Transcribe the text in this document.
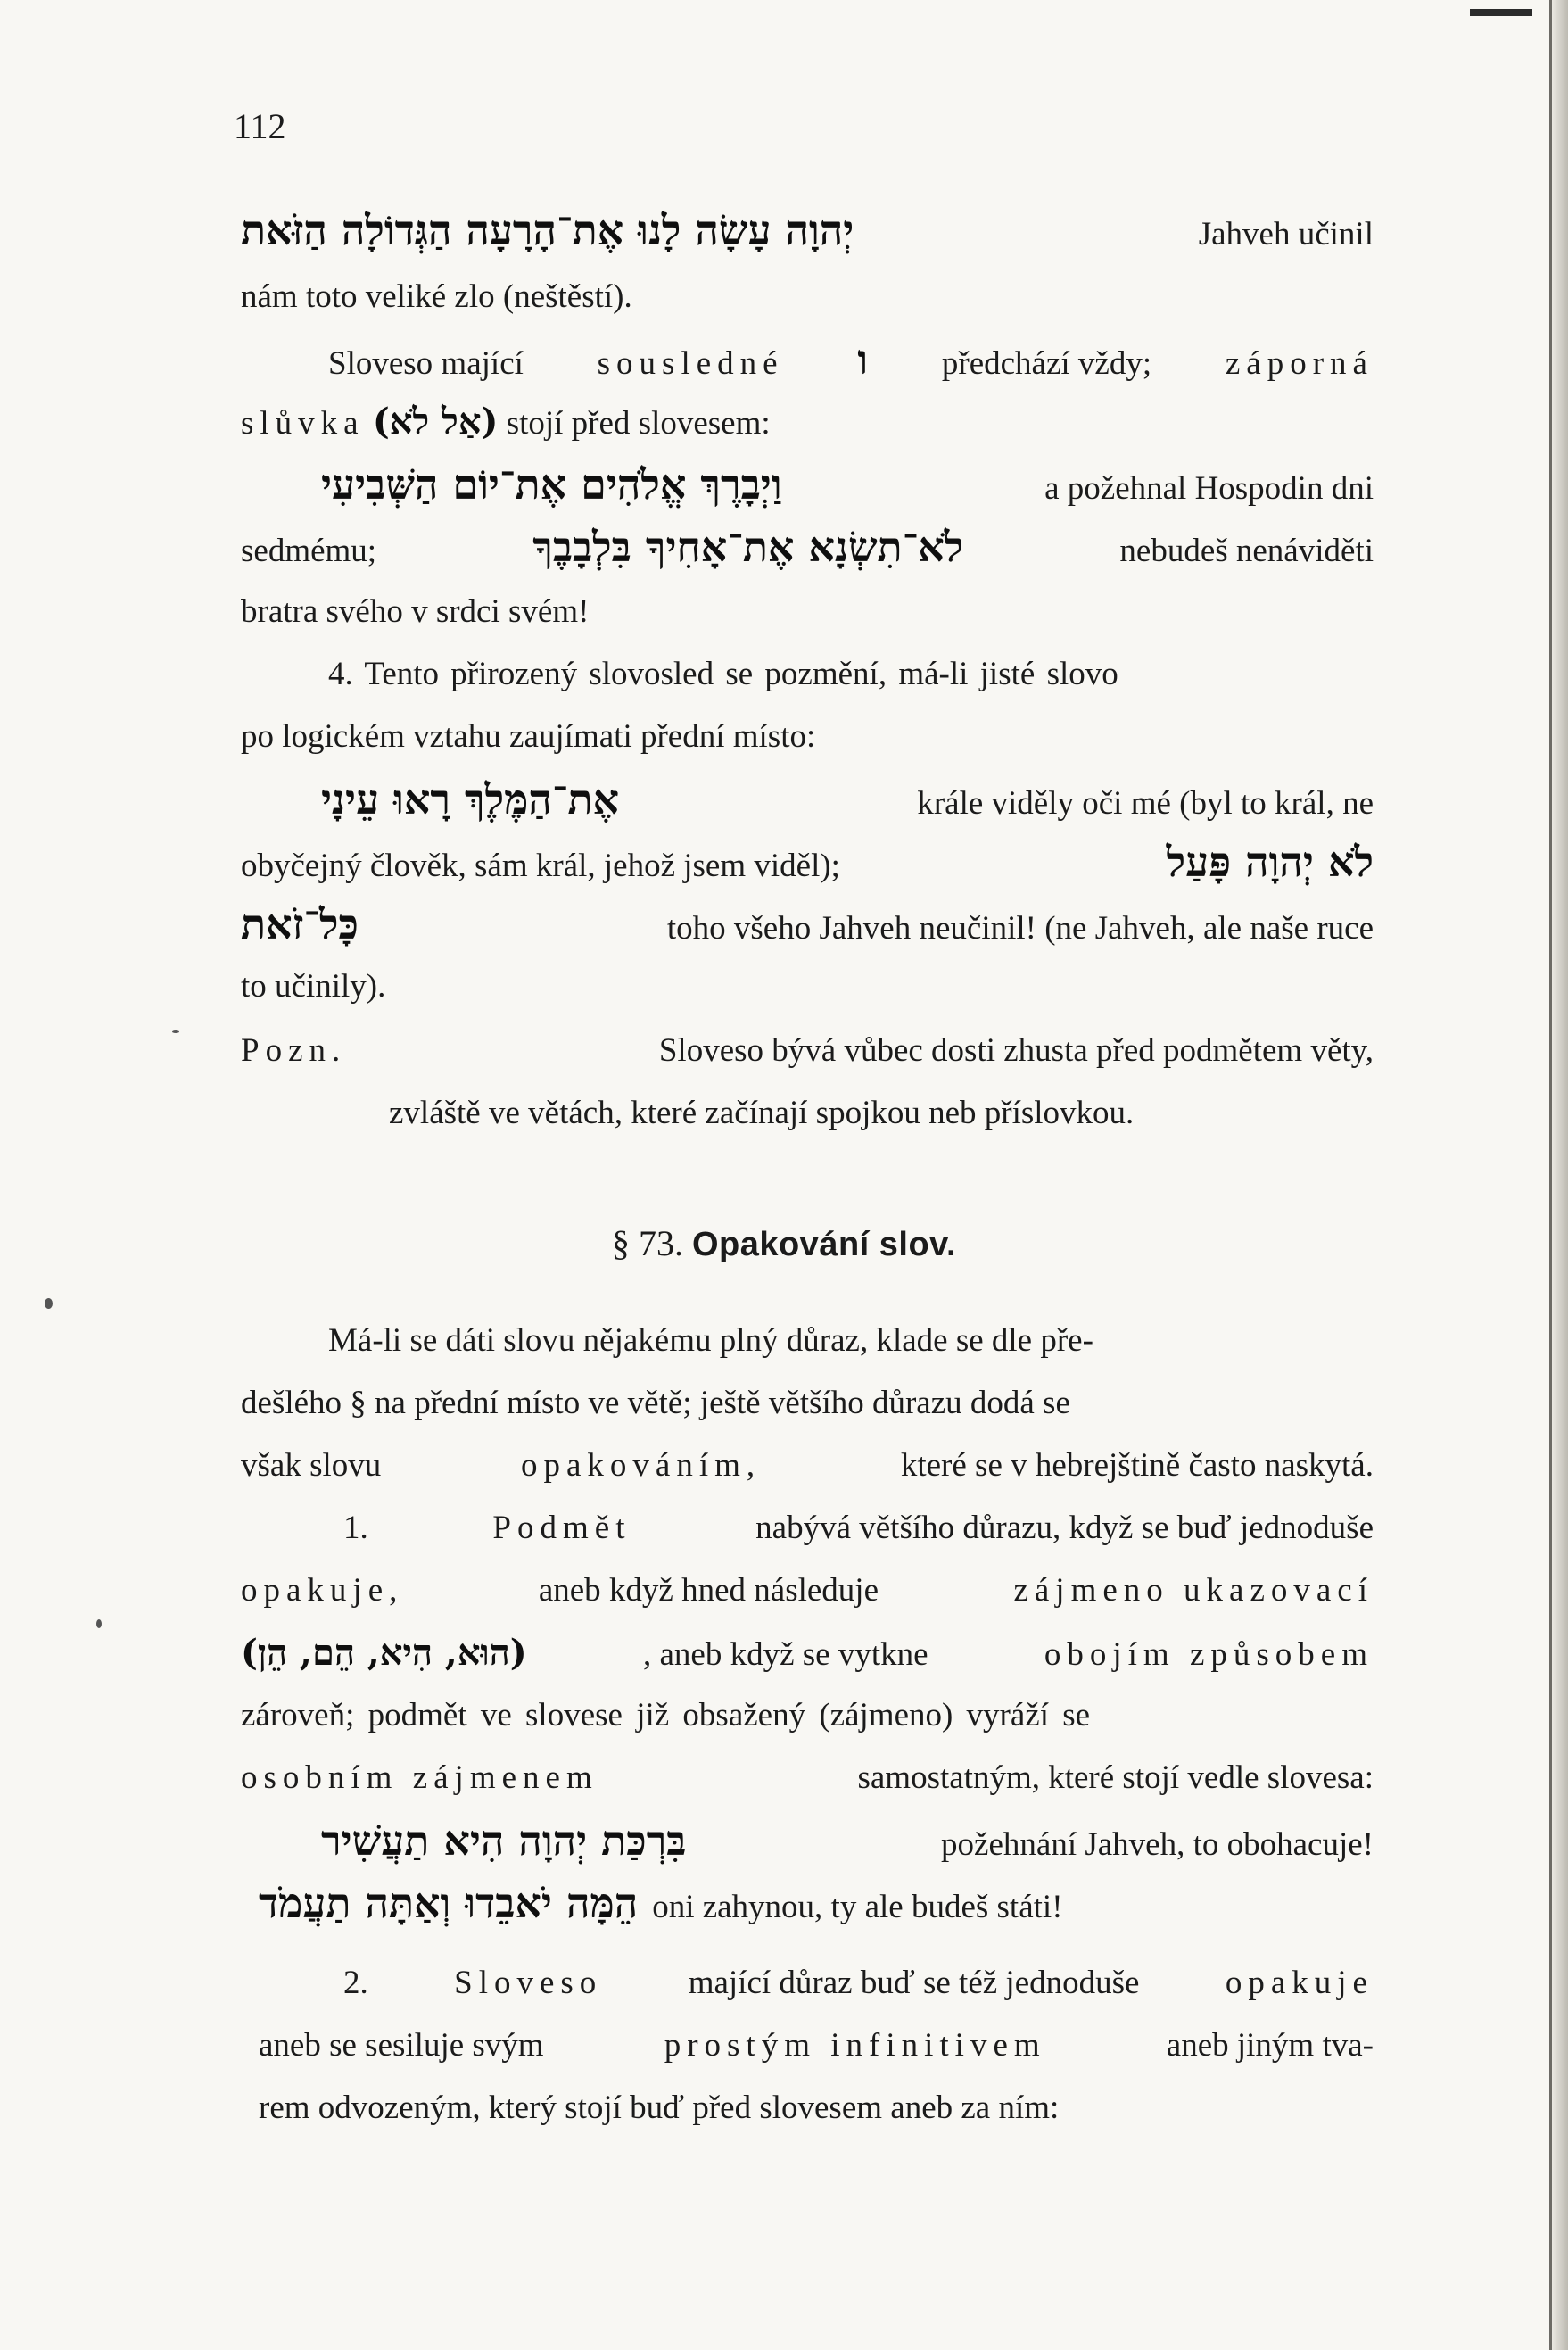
112
יְהוָה עָשָׂה לָנוּ אֶת־הָרָעָה הַגְּדוֹלָה הַזֹּאת	Jahveh učinil
nám toto veliké zlo (neštěstí).
Sloveso mající sousledné ו předchází vždy; záporná
slůvka (אַל לֹא) stojí před slovesem:
וַיְבָרֶךְ אֱלֹהִים אֶת־יוֹם הַשְּׁבִיעִי	a požehnal Hospodin dni
sedmému;	לֹא־תִשְׂנָא אֶת־אָחִיךָ בִּלְבָבֶךָ	nebudeš nenáviděti
bratra svého v srdci svém!
4. Tento přirozený slovosled se pozmění, má-li jisté slovo
po logickém vztahu zaujímati přední místo:
אֶת־הַמֶּלֶךְ רָאוּ עֵינָי	krále viděly oči mé (byl to král, ne
obyčejný člověk, sám král, jehož jsem viděl);	לֹא יְהוָה פָּעַל
כָּל־זֹאת	toho všeho Jahveh neučinil! (ne Jahveh, ale naše ruce
to učinily).
Pozn.	Sloveso bývá vůbec dosti zhusta před podmětem věty,
zvláště ve větách, které začínají spojkou neb příslovkou.
§ 73. Opakování slov.
Má-li se dáti slovu nějakému plný důraz, klade se dle pře-
dešlého § na přední místo ve větě; ještě většího důrazu dodá se
však slovu	opakováním,	které se v hebrejštině často naskytá.
1.	Podmět	nabývá většího důrazu, když se buď jednoduše
opakuje,	aneb když hned následuje	zájmeno ukazovací
(הוּא, הִיא, הֵם, הֵן)	, aneb když se vytkne	obojím způsobem
zároveň; podmět ve slovese již obsažený (zájmeno) vyráží se
osobním zájmenem	samostatným, které stojí vedle slovesa:
בִּרְכַּת יְהוָה הִיא תַעֲשִׁיר	požehnání Jahveh, to obohacuje!
הֵמָּה יֹאבֵדוּ וְאַתָּה תַעֲמֹד oni zahynou, ty ale budeš státi!
2.	Sloveso	mající důraz buď se též jednoduše	opakuje
aneb se sesiluje svým	prostým infinitivem	aneb jiným tva-
rem odvozeným, který stojí buď před slovesem aneb za ním:
